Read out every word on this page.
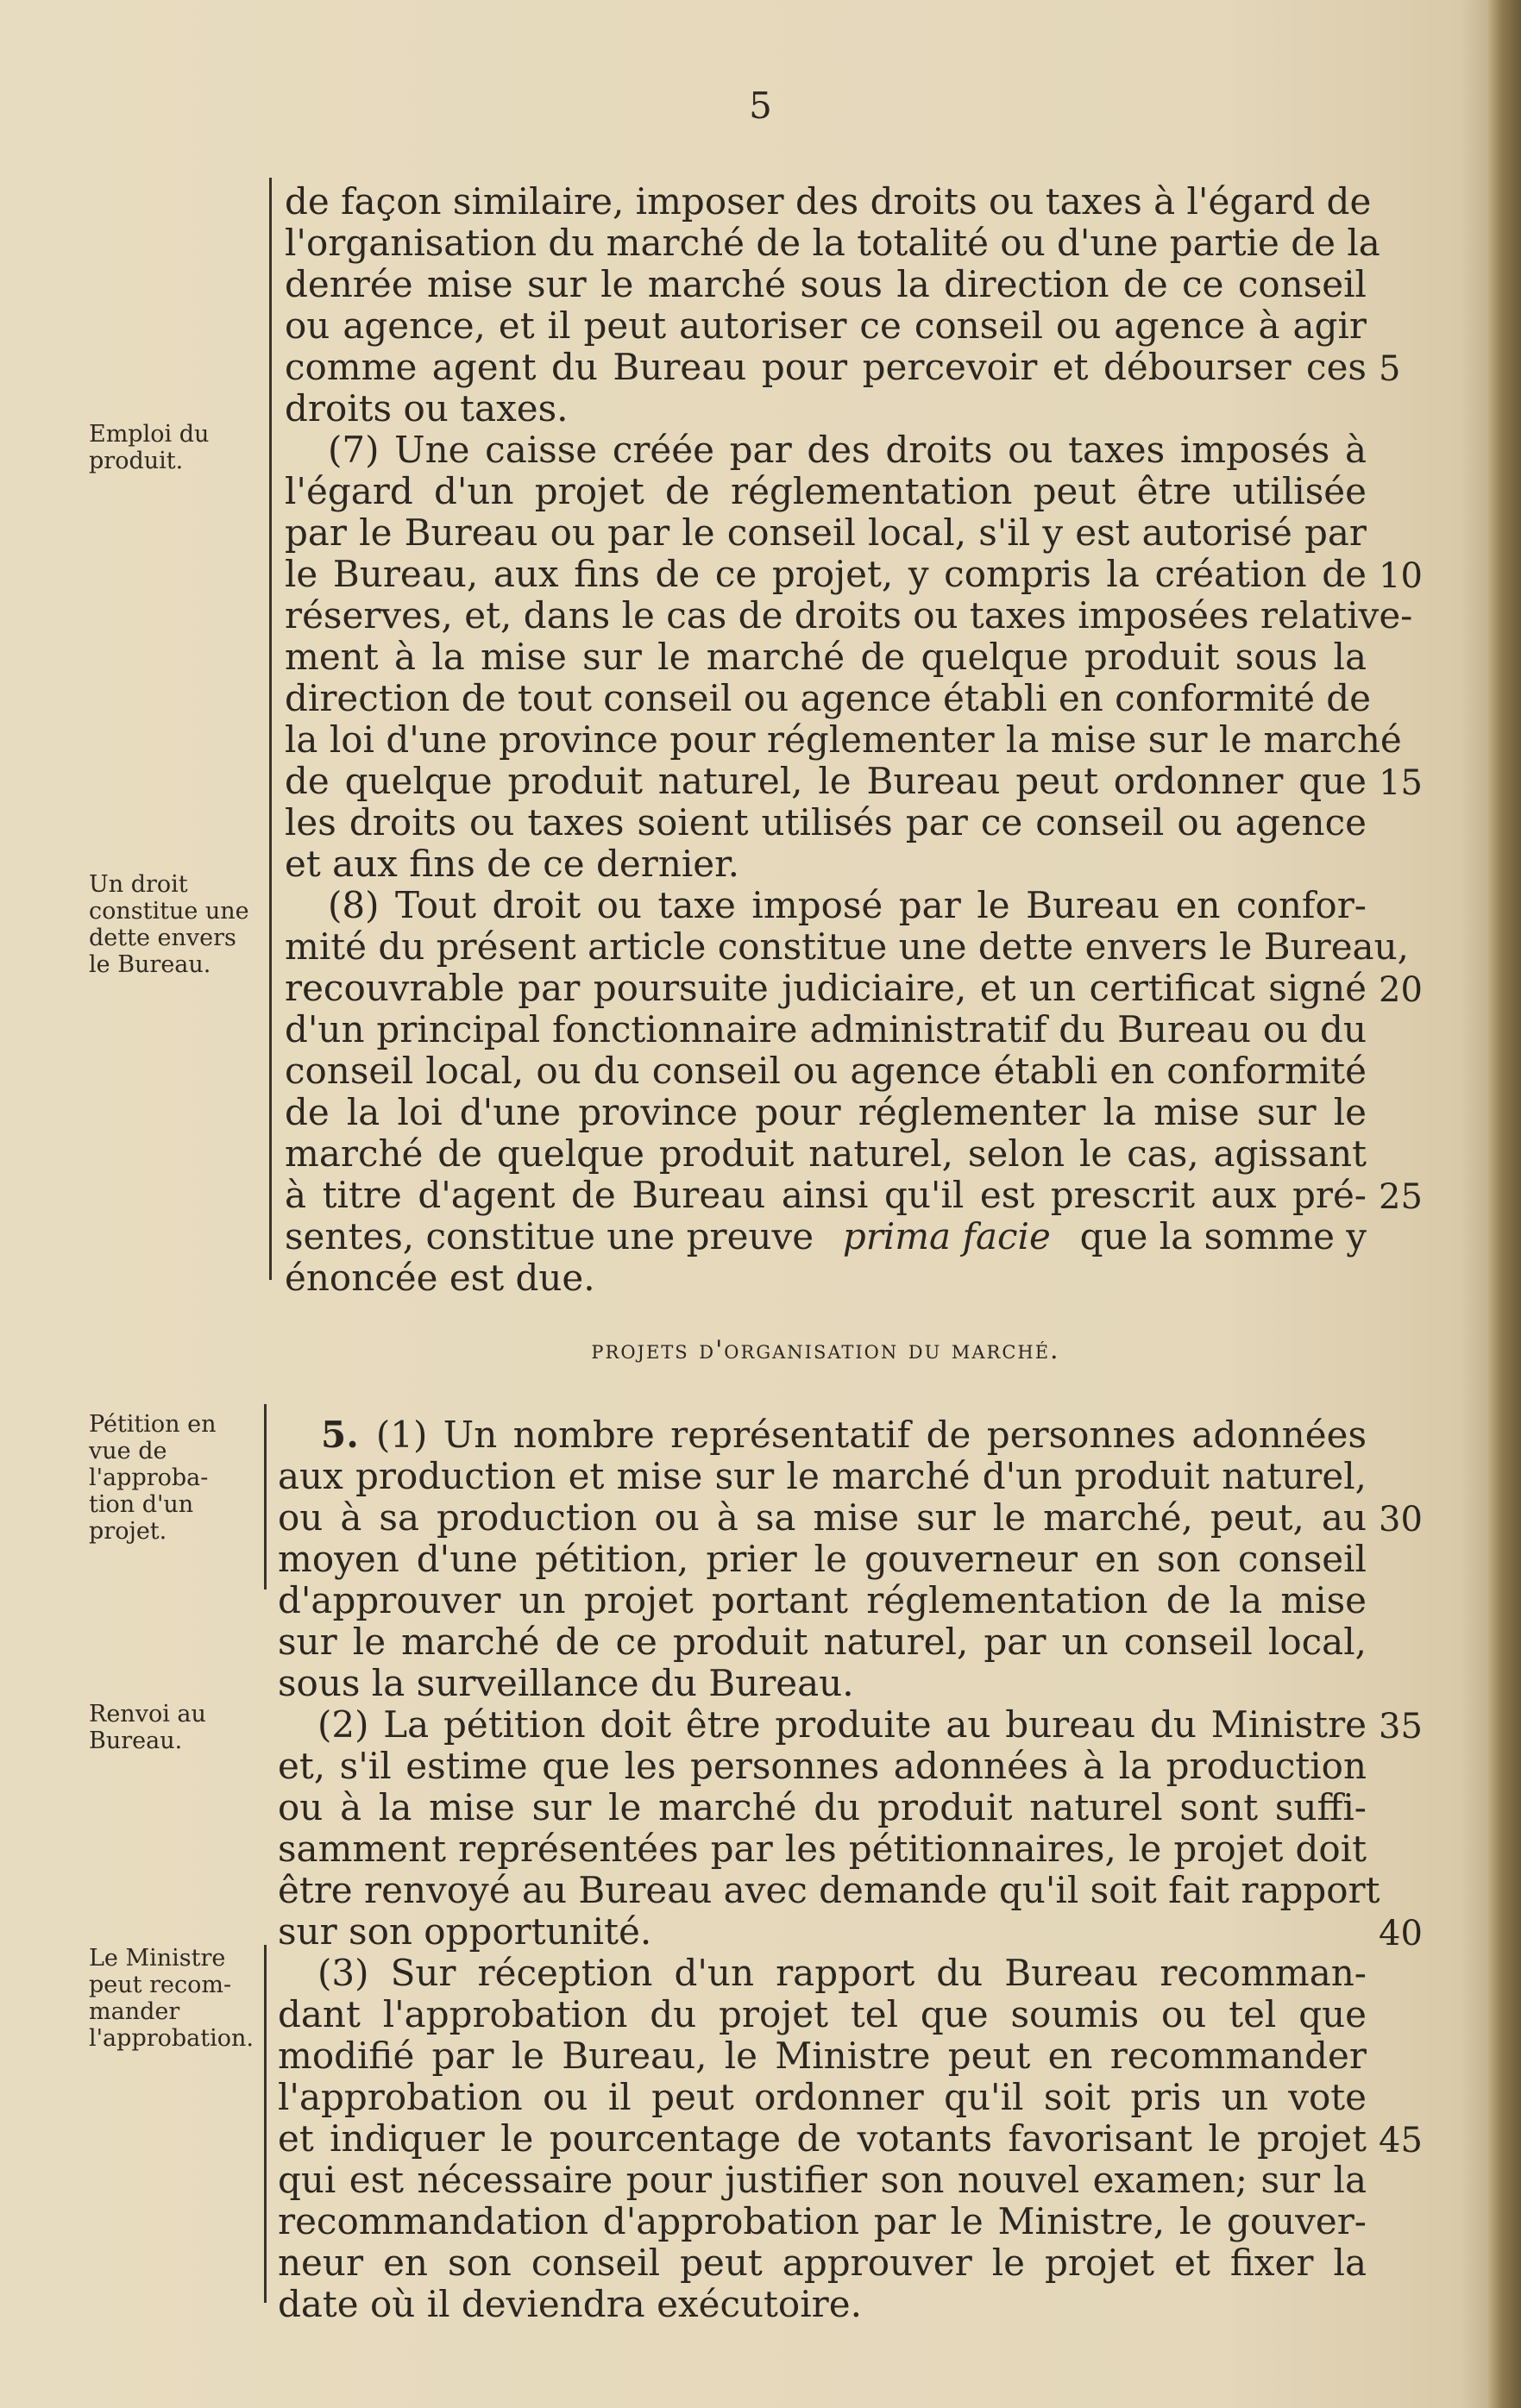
5
Emploi du produit.
Un droit constitue une dette envers le Bureau.
Pétition en vue de l'approba- tion d'un projet.
Renvoi au Bureau.
Le Ministre peut recom- mander l'approbation.
de façon similaire, imposer des droits ou taxes à l'égard de
l'organisation du marché de la totalité ou d'une partie de la
denrée mise sur le marché sous la direction de ce conseil
ou agence, et il peut autoriser ce conseil ou agence à agir
comme agent du Bureau pour percevoir et débourser ces
droits ou taxes.
(7) Une caisse créée par des droits ou taxes imposés à
l'égard d'un projet de réglementation peut être utilisée
par le Bureau ou par le conseil local, s'il y est autorisé par
le Bureau, aux fins de ce projet, y compris la création de
réserves, et, dans le cas de droits ou taxes imposées relative-
ment à la mise sur le marché de quelque produit sous la
direction de tout conseil ou agence établi en conformité de
la loi d'une province pour réglementer la mise sur le marché
de quelque produit naturel, le Bureau peut ordonner que
les droits ou taxes soient utilisés par ce conseil ou agence
et aux fins de ce dernier.
(8) Tout droit ou taxe imposé par le Bureau en confor-
mité du présent article constitue une dette envers le Bureau,
recouvrable par poursuite judiciaire, et un certificat signé
d'un principal fonctionnaire administratif du Bureau ou du
conseil local, ou du conseil ou agence établi en conformité
de la loi d'une province pour réglementer la mise sur le
marché de quelque produit naturel, selon le cas, agissant
à titre d'agent de Bureau ainsi qu'il est prescrit aux pré-
sentes, constitue une preuve prima facie que la somme y
énoncée est due.
projets d'organisation du marché.
5. (1) Un nombre représentatif de personnes adonnées
aux production et mise sur le marché d'un produit naturel,
ou à sa production ou à sa mise sur le marché, peut, au
moyen d'une pétition, prier le gouverneur en son conseil
d'approuver un projet portant réglementation de la mise
sur le marché de ce produit naturel, par un conseil local,
sous la surveillance du Bureau.
(2) La pétition doit être produite au bureau du Ministre
et, s'il estime que les personnes adonnées à la production
ou à la mise sur le marché du produit naturel sont suffi-
samment représentées par les pétitionnaires, le projet doit
être renvoyé au Bureau avec demande qu'il soit fait rapport
sur son opportunité.
(3) Sur réception d'un rapport du Bureau recomman-
dant l'approbation du projet tel que soumis ou tel que
modifié par le Bureau, le Ministre peut en recommander
l'approbation ou il peut ordonner qu'il soit pris un vote
et indiquer le pourcentage de votants favorisant le projet
qui est nécessaire pour justifier son nouvel examen; sur la
recommandation d'approbation par le Ministre, le gouver-
neur en son conseil peut approuver le projet et fixer la
date où il deviendra exécutoire.
5
10
15
20
25
30
35
40
45
